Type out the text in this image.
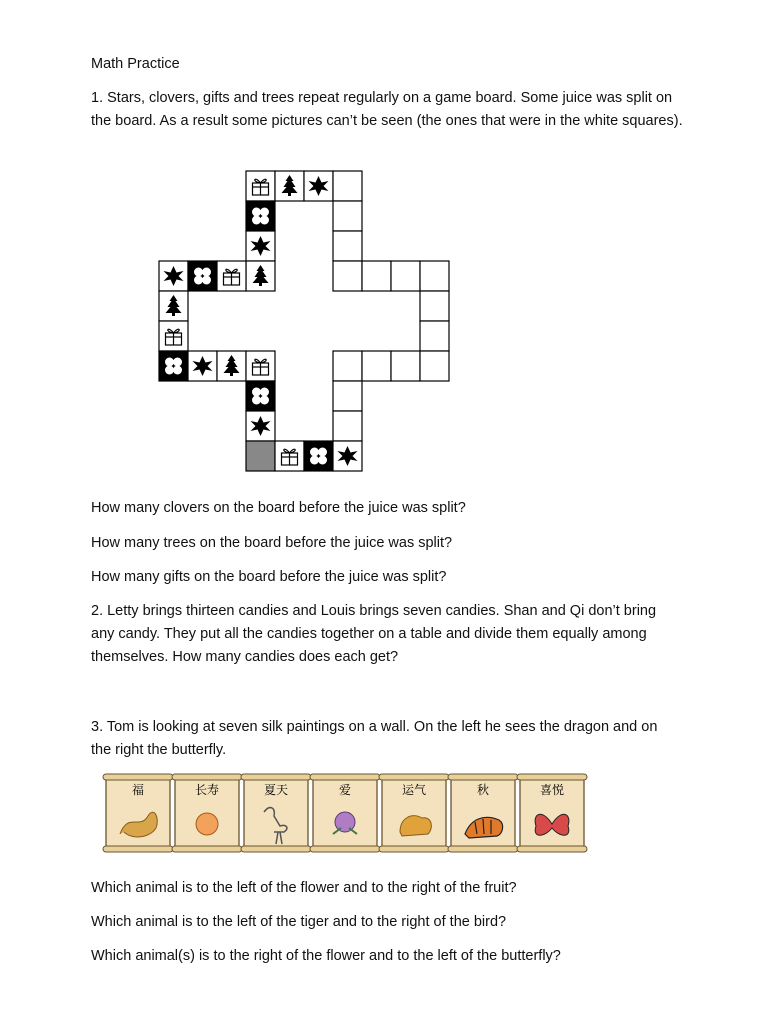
Math Practice
1. Stars, clovers, gifts and trees repeat regularly on a game board. Some juice was split on the board. As a result some pictures can’t be seen (the ones that were in the white squares).
How many clovers on the board before the juice was split?
How many trees on the board before the juice was split?
How many gifts on the board before the juice was split?
2. Letty brings thirteen candies and Louis brings seven candies. Shan and Qi don’t bring any candy. They put all the candies together on a table and divide them equally among themselves. How many candies does each get?
3. Tom is looking at seven silk paintings on a wall. On the left he sees the dragon and on the right the butterfly.
福	长寿	夏天	爱	运气	秋	喜悦
Which animal is to the left of the flower and to the right of the fruit?
Which animal is to the left of the tiger and to the right of the bird?
Which animal(s) is to the right of the flower and to the left of the butterfly?
